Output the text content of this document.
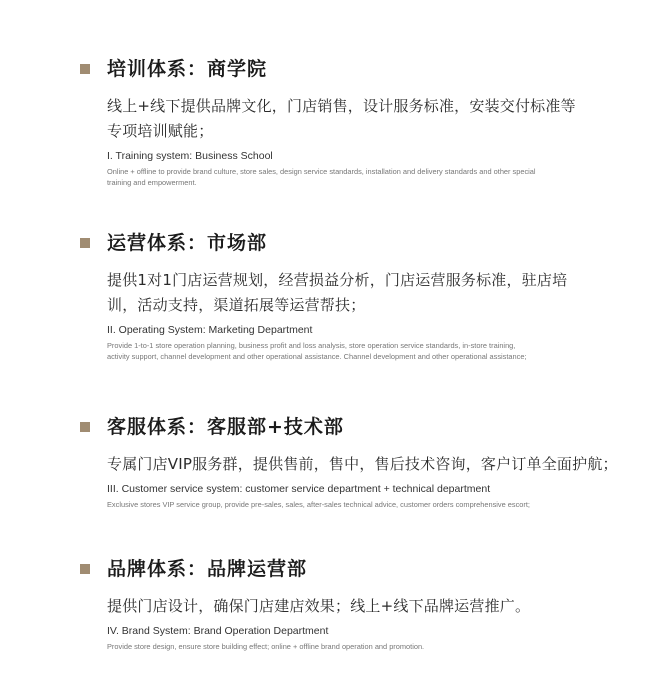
培训体系：商学院
线上+线下提供品牌文化，门店销售，设计服务标准，安装交付标准等专项培训赋能；
I. Training system: Business School
Online + offline to provide brand culture, store sales, design service standards, installation and delivery standards and other special training and empowerment.
运营体系：市场部
提供1对1门店运营规划，经营损益分析，门店运营服务标准，驻店培训，活动支持，渠道拓展等运营帮扶；
II. Operating System: Marketing Department
Provide 1-to-1 store operation planning, business profit and loss analysis, store operation service standards, in-store training, activity support, channel development and other operational assistance. Channel development and other operational assistance;
客服体系：客服部+技术部
专属门店VIP服务群，提供售前，售中，售后技术咨询，客户订单全面护航；
III. Customer service system: customer service department + technical department
Exclusive stores VIP service group, provide pre-sales, sales, after-sales technical advice, customer orders comprehensive escort;
品牌体系：品牌运营部
提供门店设计，确保门店建店效果；线上+线下品牌运营推广。
IV. Brand System: Brand Operation Department
Provide store design, ensure store building effect; online + offline brand operation and promotion.
